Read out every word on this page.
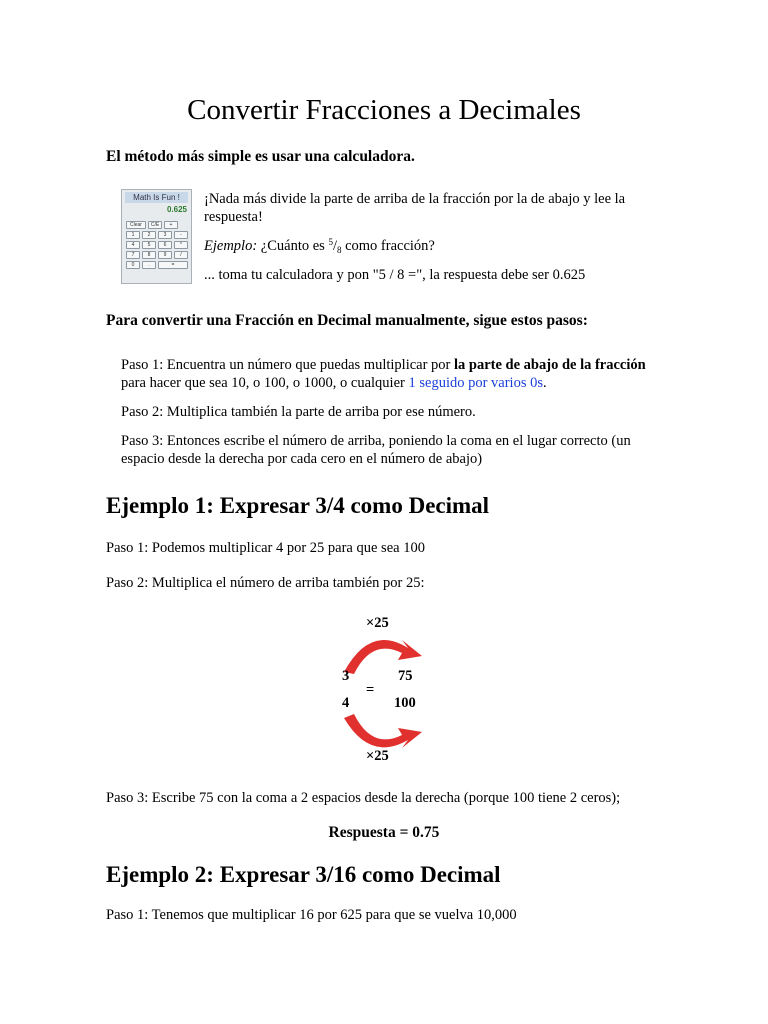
Convertir Fracciones a Decimales
El método más simple es usar una calculadora.
Math Is Fun !
0.625
Clear	C/E	+
1	2	3	-
4	5	6	*
7	8	9	/
0	.	=
¡Nada más divide la parte de arriba de la fracción por la de abajo y lee la respuesta!
Ejemplo: ¿Cuánto es $^5/_8$ como fracción?
... toma tu calculadora y pon "5 / 8 =", la respuesta debe ser 0.625
Para convertir una Fracción en Decimal manualmente, sigue estos pasos:
Paso 1: Encuentra un número que puedas multiplicar por la parte de abajo de la fracción para hacer que sea 10, o 100, o 1000, o cualquier 1 seguido por varios 0s.
Paso 2: Multiplica también la parte de arriba por ese número.
Paso 3: Entonces escribe el número de arriba, poniendo la coma en el lugar correcto (un espacio desde la derecha por cada cero en el número de abajo)
Ejemplo 1: Expresar 3/4 como Decimal
Paso 1: Podemos multiplicar 4 por 25 para que sea 100
Paso 2: Multiplica el número de arriba también por 25:
×25
3
=
4
75
100
×25
Paso 3: Escribe 75 con la coma a 2 espacios desde la derecha (porque 100 tiene 2 ceros);
Respuesta = 0.75
Ejemplo 2: Expresar 3/16 como Decimal
Paso 1: Tenemos que multiplicar 16 por 625 para que se vuelva 10,000
